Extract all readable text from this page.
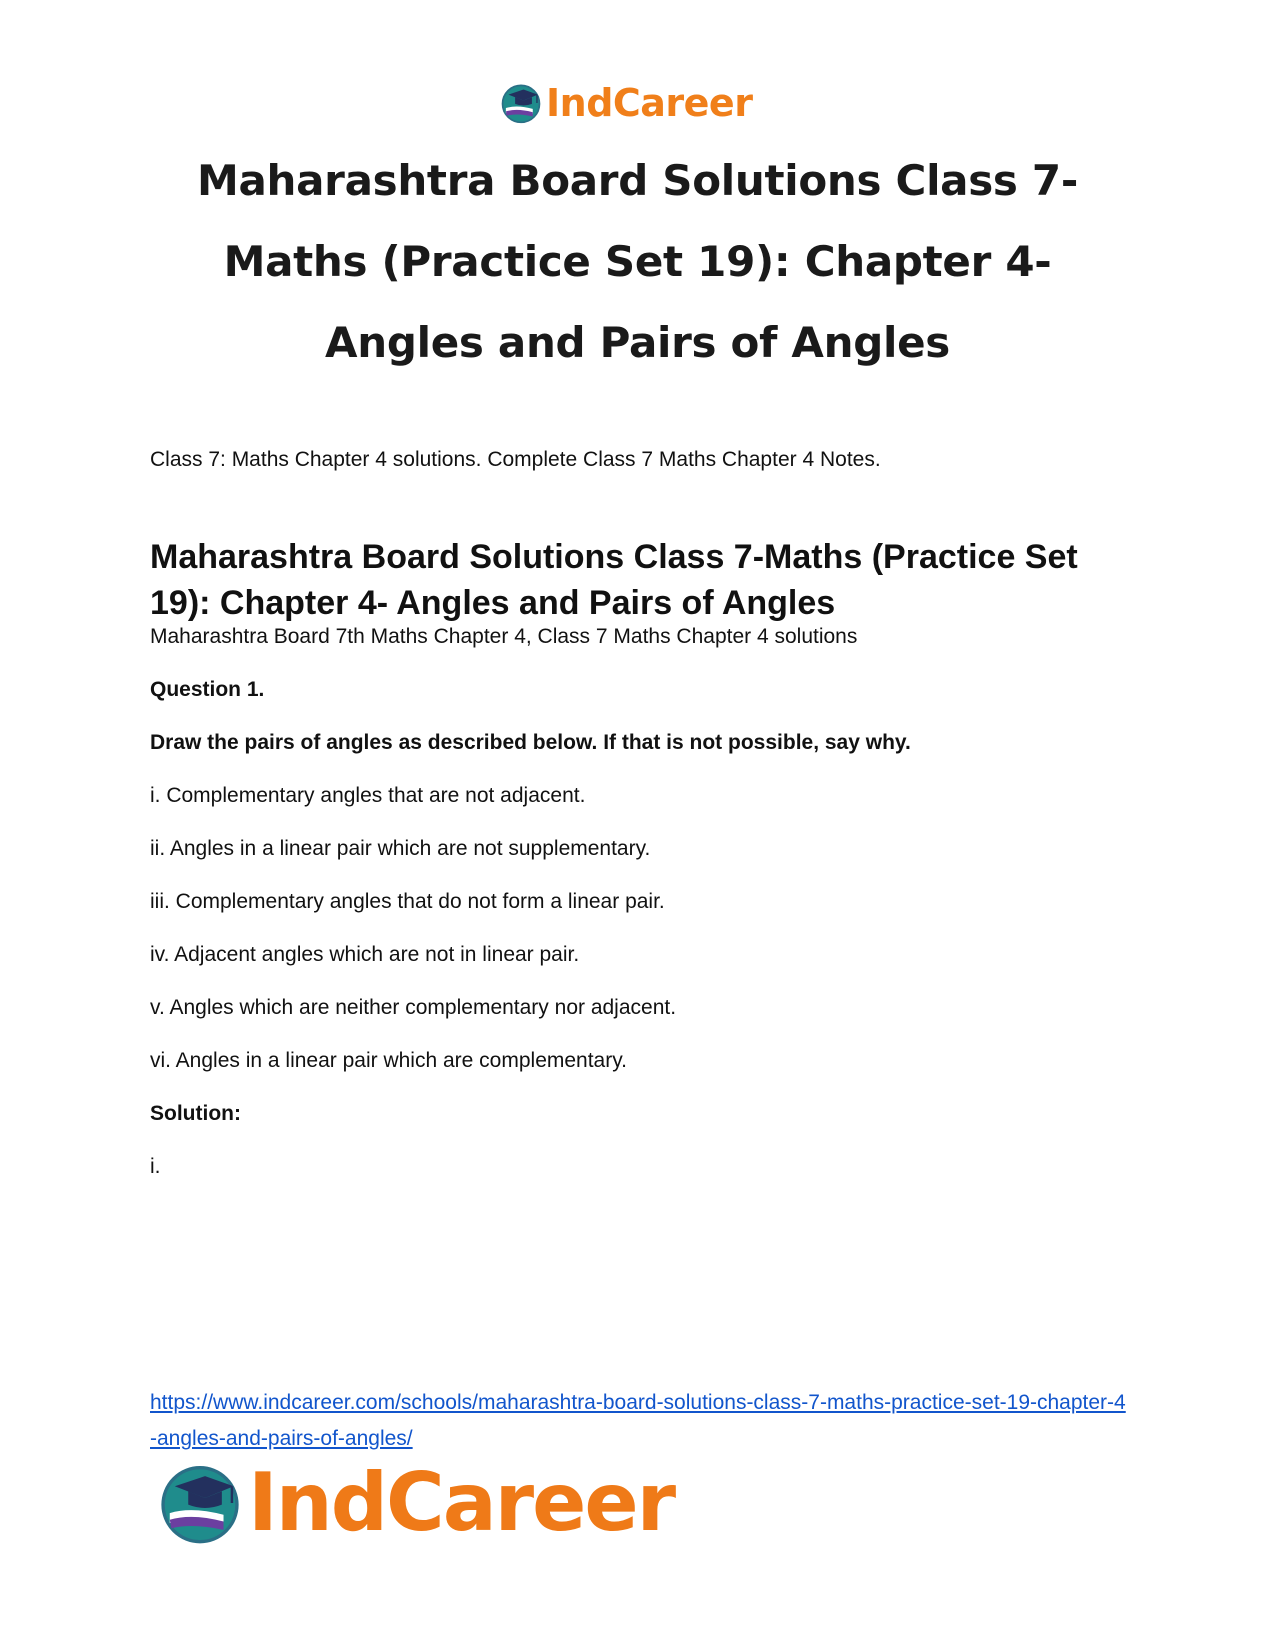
IndCareer
Maharashtra Board Solutions Class 7-Maths (Practice Set 19): Chapter 4- Angles and Pairs of Angles

Class 7: Maths Chapter 4 solutions. Complete Class 7 Maths Chapter 4 Notes.

Maharashtra Board Solutions Class 7-Maths (Practice Set 19): Chapter 4- Angles and Pairs of Angles

Maharashtra Board 7th Maths Chapter 4, Class 7 Maths Chapter 4 solutions

Question 1.

Draw the pairs of angles as described below. If that is not possible, say why.

i. Complementary angles that are not adjacent.

ii. Angles in a linear pair which are not supplementary.

iii. Complementary angles that do not form a linear pair.

iv. Adjacent angles which are not in linear pair.

v. Angles which are neither complementary nor adjacent.

vi. Angles in a linear pair which are complementary.

Solution:

i.

https://www.indcareer.com/schools/maharashtra-board-solutions-class-7-maths-practice-set-19-chapter-4-angles-and-pairs-of-angles/
IndCareer
